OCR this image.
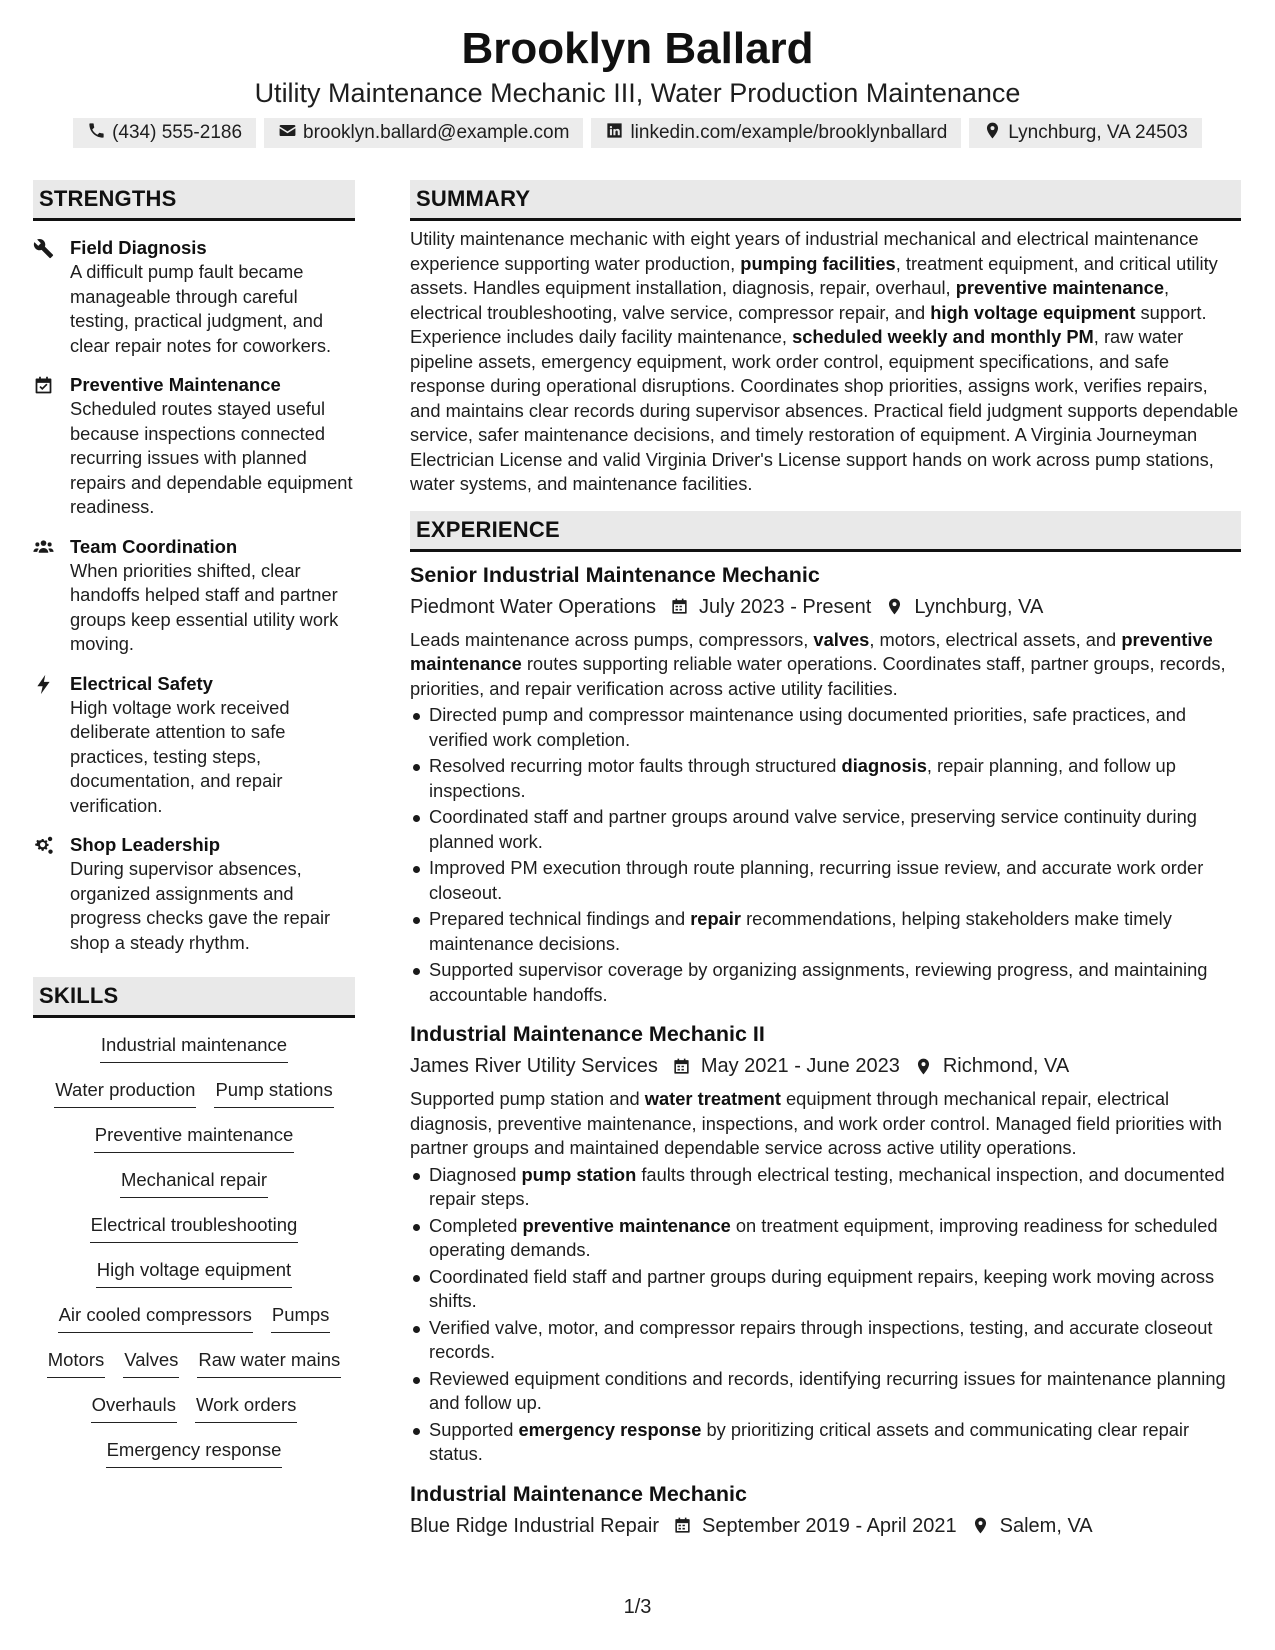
Brooklyn Ballard
Utility Maintenance Mechanic III, Water Production Maintenance
(434) 555-2186	brooklyn.ballard@example.com	linkedin.com/example/brooklynballard	Lynchburg, VA 24503
STRENGTHS
Field Diagnosis
A difficult pump fault became manageable through careful testing, practical judgment, and clear repair notes for coworkers.
Preventive Maintenance
Scheduled routes stayed useful because inspections connected recurring issues with planned repairs and dependable equipment readiness.
Team Coordination
When priorities shifted, clear handoffs helped staff and partner groups keep essential utility work moving.
Electrical Safety
High voltage work received deliberate attention to safe practices, testing steps, documentation, and repair verification.
Shop Leadership
During supervisor absences, organized assignments and progress checks gave the repair shop a steady rhythm.
SKILLS
Industrial maintenance
Water production Pump stations
Preventive maintenance
Mechanical repair
Electrical troubleshooting
High voltage equipment
Air cooled compressors Pumps
Motors Valves Raw water mains
Overhauls Work orders
Emergency response
SUMMARY
Utility maintenance mechanic with eight years of industrial mechanical and electrical maintenance experience supporting water production, pumping facilities, treatment equipment, and critical utility assets. Handles equipment installation, diagnosis, repair, overhaul, preventive maintenance, electrical troubleshooting, valve service, compressor repair, and high voltage equipment support. Experience includes daily facility maintenance, scheduled weekly and monthly PM, raw water pipeline assets, emergency equipment, work order control, equipment specifications, and safe response during operational disruptions. Coordinates shop priorities, assigns work, verifies repairs, and maintains clear records during supervisor absences. Practical field judgment supports dependable service, safer maintenance decisions, and timely restoration of equipment. A Virginia Journeyman Electrician License and valid Virginia Driver's License support hands on work across pump stations, water systems, and maintenance facilities.
EXPERIENCE
Senior Industrial Maintenance Mechanic
Piedmont Water Operations July 2023 - Present Lynchburg, VA
Leads maintenance across pumps, compressors, valves, motors, electrical assets, and preventive maintenance routes supporting reliable water operations. Coordinates staff, partner groups, records, priorities, and repair verification across active utility facilities.
Directed pump and compressor maintenance using documented priorities, safe practices, and verified work completion.
Resolved recurring motor faults through structured diagnosis, repair planning, and follow up inspections.
Coordinated staff and partner groups around valve service, preserving service continuity during planned work.
Improved PM execution through route planning, recurring issue review, and accurate work order closeout.
Prepared technical findings and repair recommendations, helping stakeholders make timely maintenance decisions.
Supported supervisor coverage by organizing assignments, reviewing progress, and maintaining accountable handoffs.
Industrial Maintenance Mechanic II
James River Utility Services May 2021 - June 2023 Richmond, VA
Supported pump station and water treatment equipment through mechanical repair, electrical diagnosis, preventive maintenance, inspections, and work order control. Managed field priorities with partner groups and maintained dependable service across active utility operations.
Diagnosed pump station faults through electrical testing, mechanical inspection, and documented repair steps.
Completed preventive maintenance on treatment equipment, improving readiness for scheduled operating demands.
Coordinated field staff and partner groups during equipment repairs, keeping work moving across shifts.
Verified valve, motor, and compressor repairs through inspections, testing, and accurate closeout records.
Reviewed equipment conditions and records, identifying recurring issues for maintenance planning and follow up.
Supported emergency response by prioritizing critical assets and communicating clear repair status.
Industrial Maintenance Mechanic
Blue Ridge Industrial Repair September 2019 - April 2021 Salem, VA
1/3
